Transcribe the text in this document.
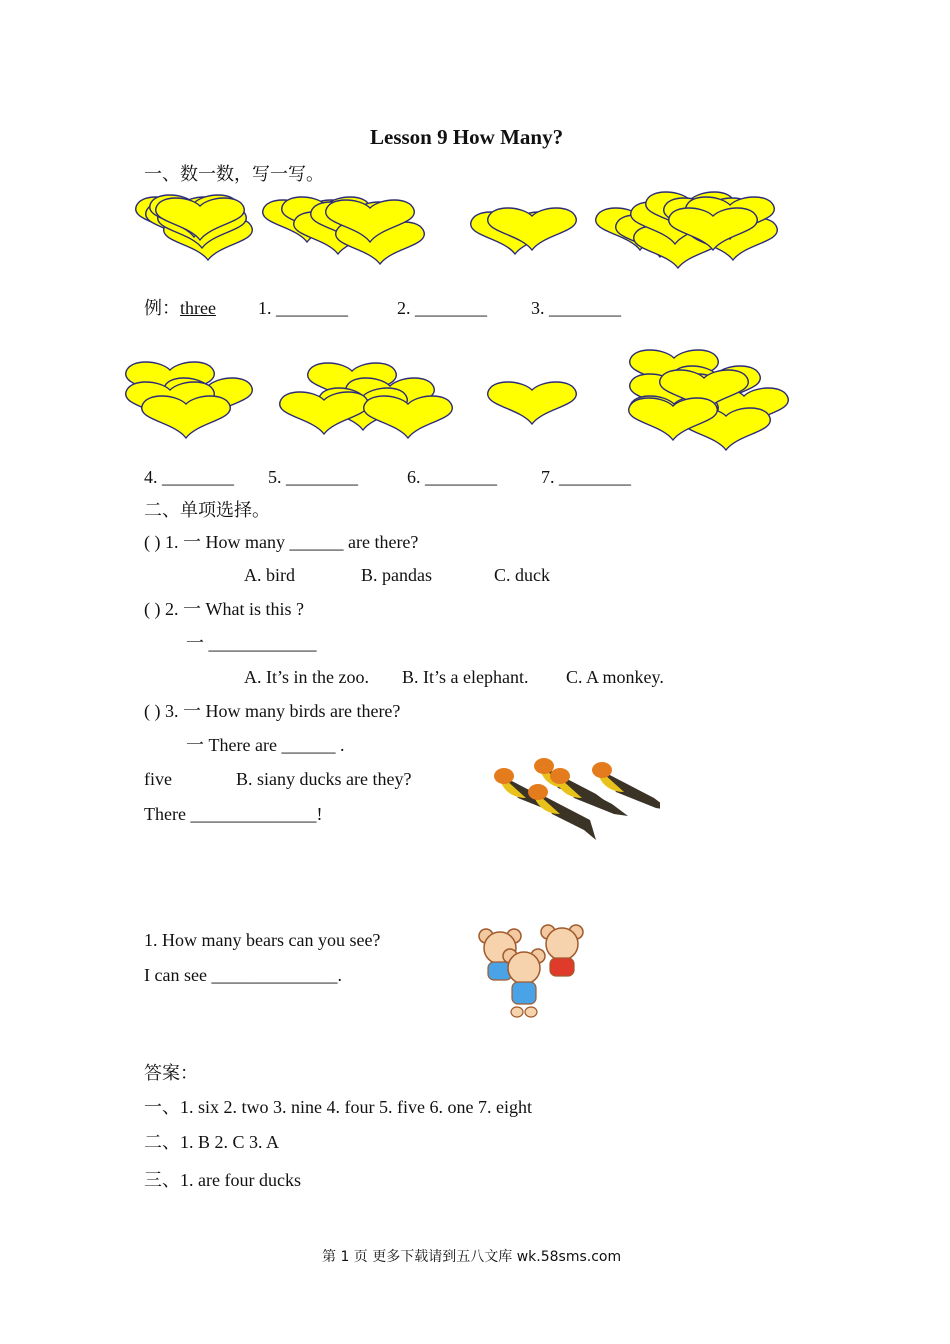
Lesson 9 How Many?
一、数一数，写一写。
例：three 1. ________	2. ________ 3. ________
4. ________ 5. ________	6. ________ 7. ________
二、单项选择。
( ) 1. 一 How many ______ are there?
A. bird	B. pandas	C. duck
( ) 2. 一 What is this ?
一 ____________
A. It’s in the zoo. B. It’s a elephant. C. A monkey.
( ) 3. 一 How many birds are there?
一 There are ______ .
five	B. siany ducks are they?
There ______________!
1. How many bears can you see?
I can see ______________.
答案：
一、1. six 2. two 3. nine 4. four 5. five 6. one 7. eight
二、1. B 2. C 3. A
三、1. are four ducks
第 1 页 更多下载请到五八文库 wk.58sms.com
